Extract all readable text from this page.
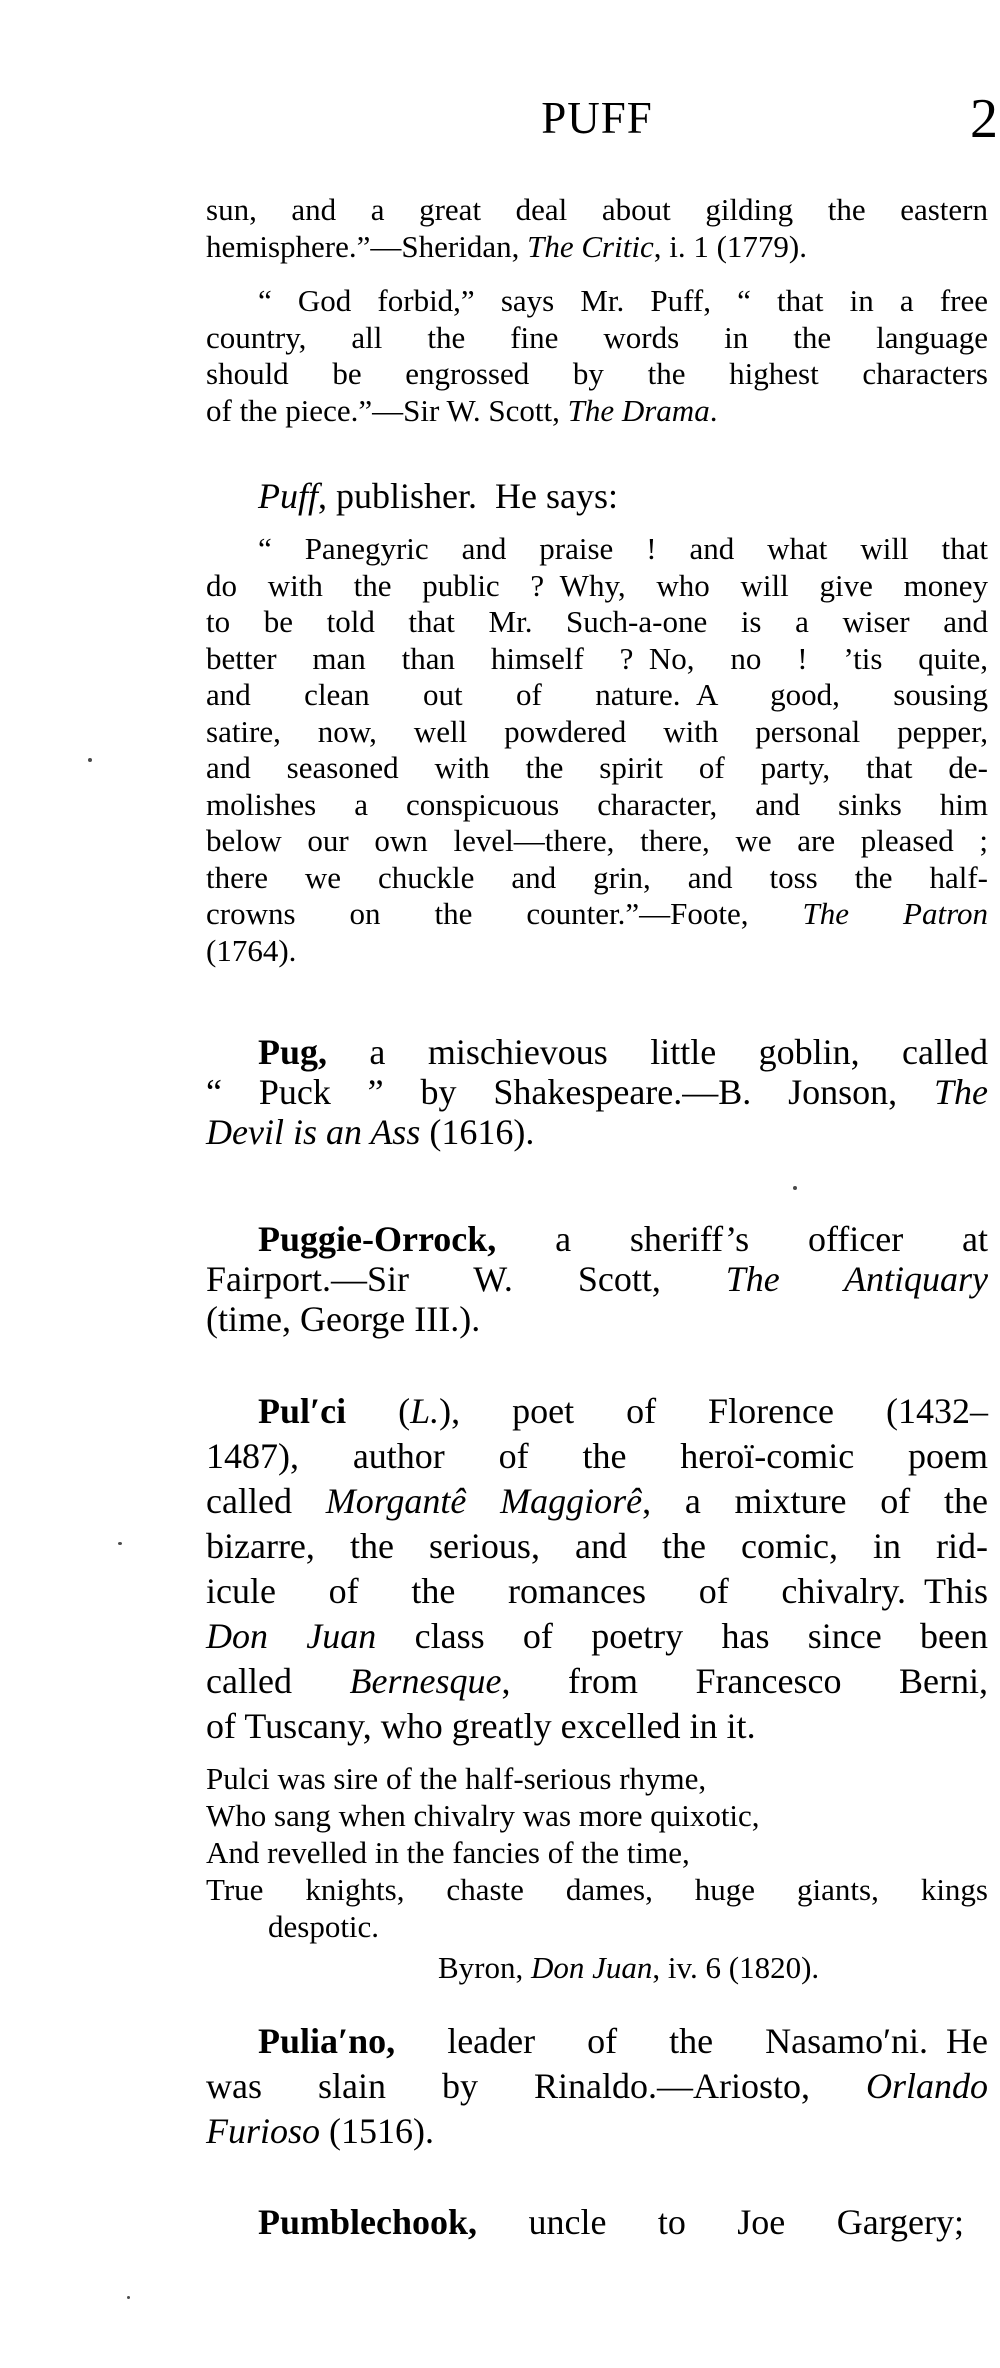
PUFF	2
sun, and a great deal about gilding the eastern
hemisphere.”—Sheridan, The Critic, i. 1 (1779).
“ God forbid,” says Mr. Puff, “ that in a free
country, all the fine words in the language
should be engrossed by the highest characters
of the piece.”—Sir W. Scott, The Drama.
Puff, publisher. He says:
“ Panegyric and praise ! and what will that
do with the public ? Why, who will give money
to be told that Mr. Such-a-one is a wiser and
better man than himself ? No, no ! ’tis quite,
and clean out of nature. A good, sousing
satire, now, well powdered with personal pepper,
and seasoned with the spirit of party, that de-
molishes a conspicuous character, and sinks him
below our own level—there, there, we are pleased ;
there we chuckle and grin, and toss the half-
crowns on the counter.”—Foote, The Patron
(1764).
Pug, a mischievous little goblin, called
“ Puck ” by Shakespeare.—B. Jonson, The
Devil is an Ass (1616).
Puggie-Orrock, a sheriff’s officer at
Fairport.—Sir W. Scott, The Antiquary
(time, George III.).
Pul′ci (L.), poet of Florence (1432–
1487), author of the heroï-comic poem
called Morgantê Maggiorê, a mixture of the
bizarre, the serious, and the comic, in rid-
icule of the romances of chivalry. This
Don Juan class of poetry has since been
called Bernesque, from Francesco Berni,
of Tuscany, who greatly excelled in it.
Pulci was sire of the half-serious rhyme,
Who sang when chivalry was more quixotic,
And revelled in the fancies of the time,
True knights, chaste dames, huge giants, kings
despotic.
Byron, Don Juan, iv. 6 (1820).
Pulia′no, leader of the Nasamo′ni. He
was slain by Rinaldo.—Ariosto, Orlando
Furioso (1516).
Pumblechook, uncle to Joe Gargery;
